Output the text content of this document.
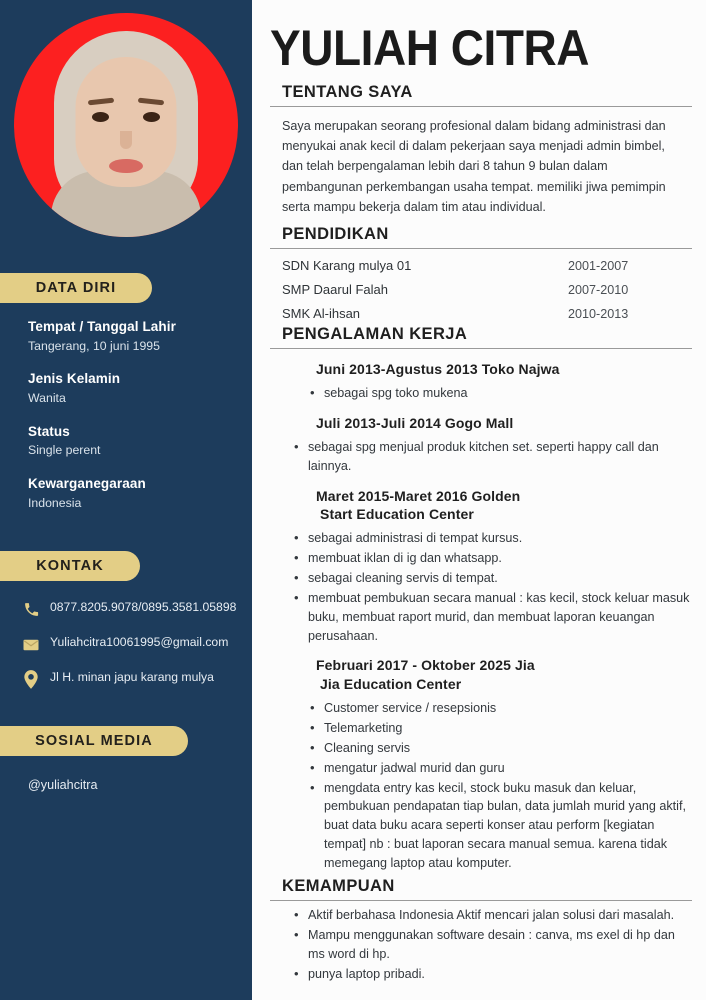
DATA DIRI
Tempat / Tanggal Lahir
Tangerang, 10 juni 1995
Jenis Kelamin
Wanita
Status
Single perent
Kewarganegaraan
Indonesia
KONTAK
0877.8205.9078/0895.3581.05898
Yuliahcitra10061995@gmail.com
Jl H. minan japu karang mulya
SOSIAL MEDIA
@yuliahcitra
YULIAH CITRA
TENTANG SAYA

Saya merupakan seorang profesional dalam bidang administrasi dan menyukai anak kecil di dalam pekerjaan saya menjadi admin bimbel, dan telah berpengalaman lebih dari 8 tahun 9 bulan dalam pembangunan perkembangan usaha tempat. memiliki jiwa pemimpin serta mampu bekerja dalam tim atau individual.

PENDIDIKAN
SDN Karang mulya 01	2001-2007
SMP Daarul Falah	2007-2010
SMK Al-ihsan	2010-2013
PENGALAMAN KERJA
Juni 2013-Agustus 2013 Toko Najwa
• sebagai spg toko mukena
Juli 2013-Juli 2014 Gogo Mall
• sebagai spg menjual produk kitchen set. seperti happy call dan lainnya.
Maret 2015-Maret 2016 Golden
Start Education Center
• sebagai administrasi di tempat kursus.
• membuat iklan di ig dan whatsapp.
• sebagai cleaning servis di tempat.
• membuat pembukuan secara manual : kas kecil, stock keluar masuk buku, membuat raport murid, dan membuat laporan keuangan perusahaan.
Februari 2017 - Oktober 2025 Jia
Jia Education Center
• Customer service / resepsionis
• Telemarketing
• Cleaning servis
• mengatur jadwal murid dan guru
• mengdata entry kas kecil, stock buku masuk dan keluar, pembukuan pendapatan tiap bulan, data jumlah murid yang aktif, buat data buku acara seperti konser atau perform [kegiatan tempat] nb : buat laporan secara manual semua. karena tidak memegang laptop atau komputer.
KEMAMPUAN
• Aktif berbahasa Indonesia Aktif mencari jalan solusi dari masalah.
• Mampu menggunakan software desain : canva, ms exel di hp dan ms word di hp.
• punya laptop pribadi.
